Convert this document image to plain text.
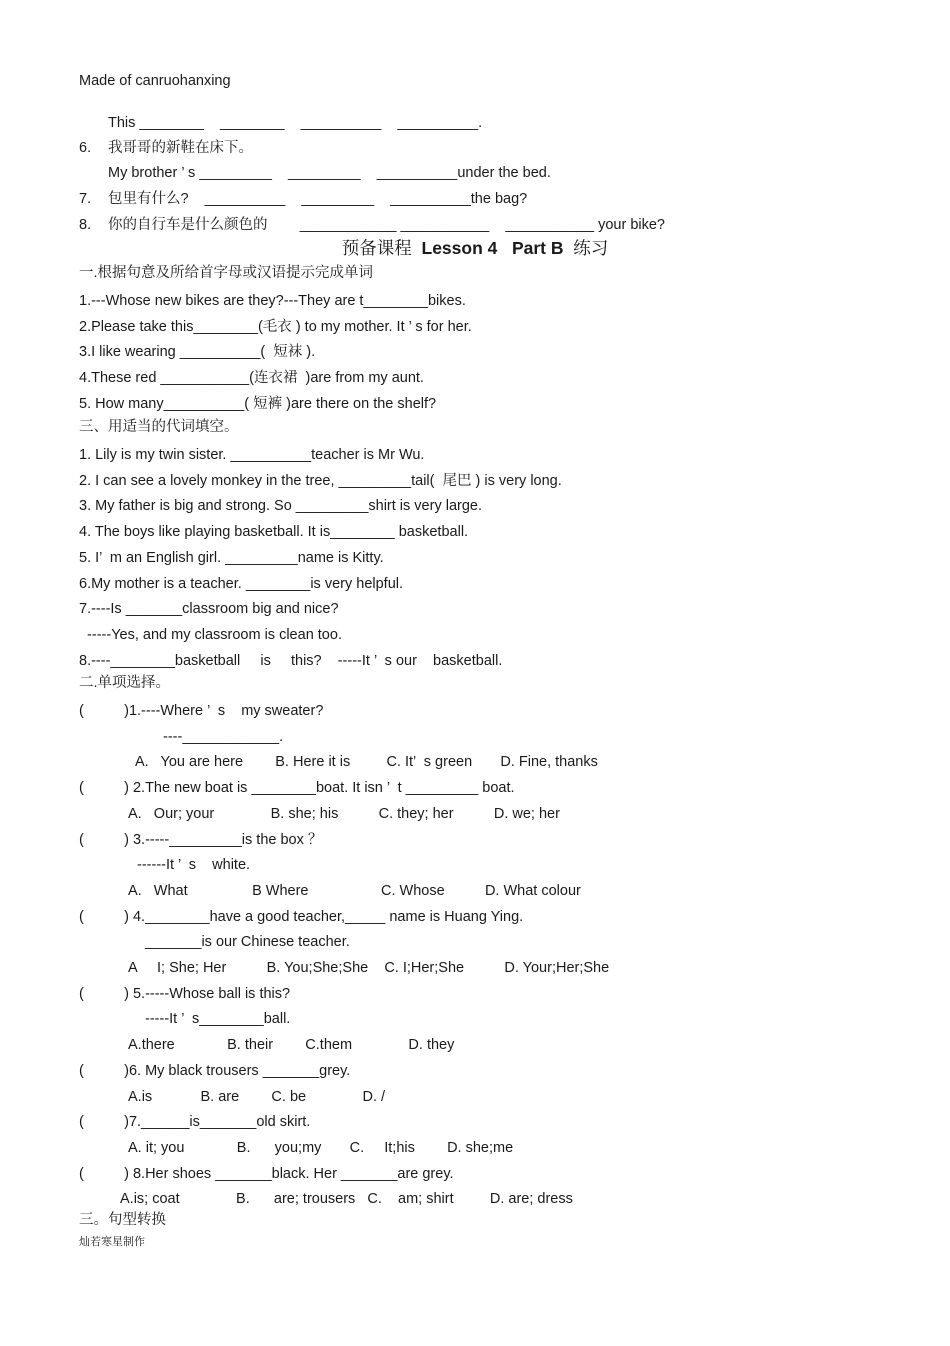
Made of canruohanxing
This ________    ________    __________    __________.
6. 我哥哥的新鞋在床下。
My brother ’ s _________    _________    __________under the bed.
7. 包里有什么?    __________    _________    __________the bag?
8. 你的自行车是什么颜色的        ____________ ___________    ___________ your bike?
预备课程  Lesson 4   Part B  练习
一.根据句意及所给首字母或汉语提示完成单词
1.---Whose new bikes are they?---They are t________bikes.
2.Please take this________(毛衣 ) to my mother. It ’ s for her.
3.I like wearing __________(  短袜 ).
4.These red ___________(连衣裙  )are from my aunt.
5. How many__________( 短裤 )are there on the shelf?
三、用适当的代词填空。
1. Lily is my twin sister. __________teacher is Mr Wu.
2. I can see a lovely monkey in the tree, _________tail(  尾巴 ) is very long.
3. My father is big and strong. So _________shirt is very large.
4. The boys like playing basketball. It is________ basketball.
5. I’  m an English girl. _________name is Kitty.
6.My mother is a teacher. ________is very helpful.
7.----Is _______classroom big and nice?
-----Yes, and my classroom is clean too.
8.----________basketball     is     this?    -----It ’  s our    basketball.
二.单项选择。
(          )1.----Where ’  s    my sweater?
----____________.
A.   You are here        B. Here it is         C. It’  s green       D. Fine, thanks
(          ) 2.The new boat is ________boat. It isn ’  t _________ boat.
A.   Our; your              B. she; his          C. they; her          D. we; her
(          ) 3.-----_________is the box ？
------It ’  s    white.
A.   What                B Where                  C. Whose          D. What colour
(          ) 4.________have a good teacher,_____ name is Huang Ying.
_______is our Chinese teacher.
A     I; She; Her          B. You;She;She    C. I;Her;She          D. Your;Her;She
(          ) 5.-----Whose ball is this?
-----It ’  s________ball.
A.there             B. their        C.them              D. they
(          )6. My black trousers _______grey.
A.is            B. are        C. be              D. /
(          )7.______is_______old skirt.
A. it; you             B.      you;my       C.     It;his        D. she;me
(          ) 8.Her shoes _______black. Her _______are grey.
A.is; coat              B.      are; trousers   C.    am; shirt         D. are; dress
三。句型转换
灿若寒星制作
